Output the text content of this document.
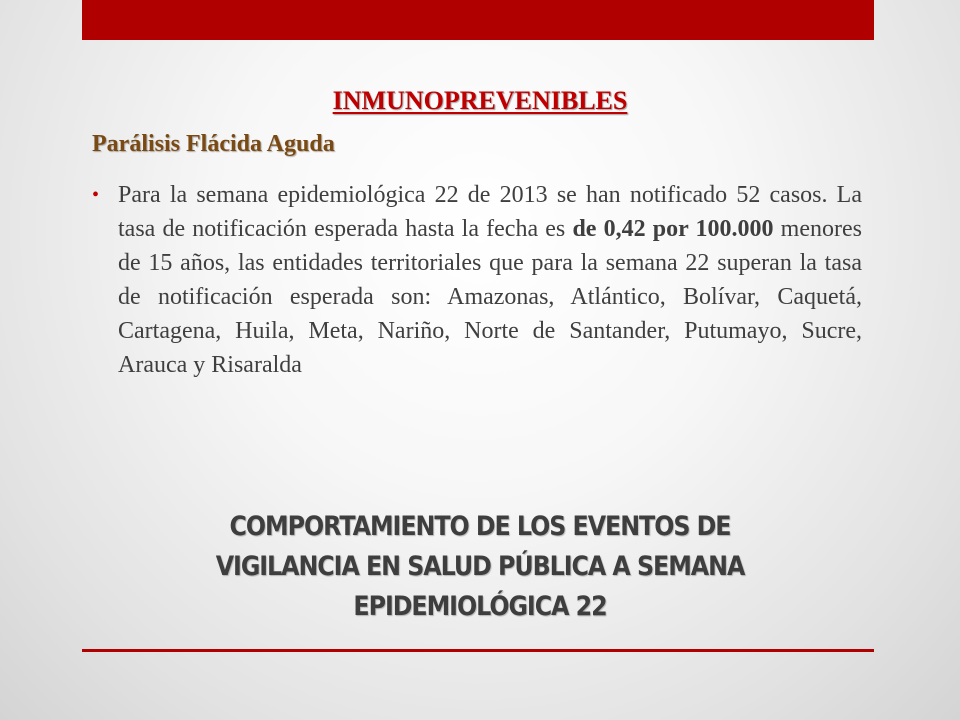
INMUNOPREVENIBLES
Parálisis Flácida Aguda
• Para la semana epidemiológica 22 de 2013 se han notificado 52 casos. La tasa de notificación esperada hasta la fecha es de 0,42 por 100.000 menores de 15 años, las entidades territoriales que para la semana 22 superan la tasa de notificación esperada son: Amazonas, Atlántico, Bolívar, Caquetá, Cartagena, Huila, Meta, Nariño, Norte de Santander, Putumayo, Sucre, Arauca y Risaralda
COMPORTAMIENTO DE LOS EVENTOS DE
VIGILANCIA EN SALUD PÚBLICA A SEMANA
EPIDEMIOLÓGICA 22
